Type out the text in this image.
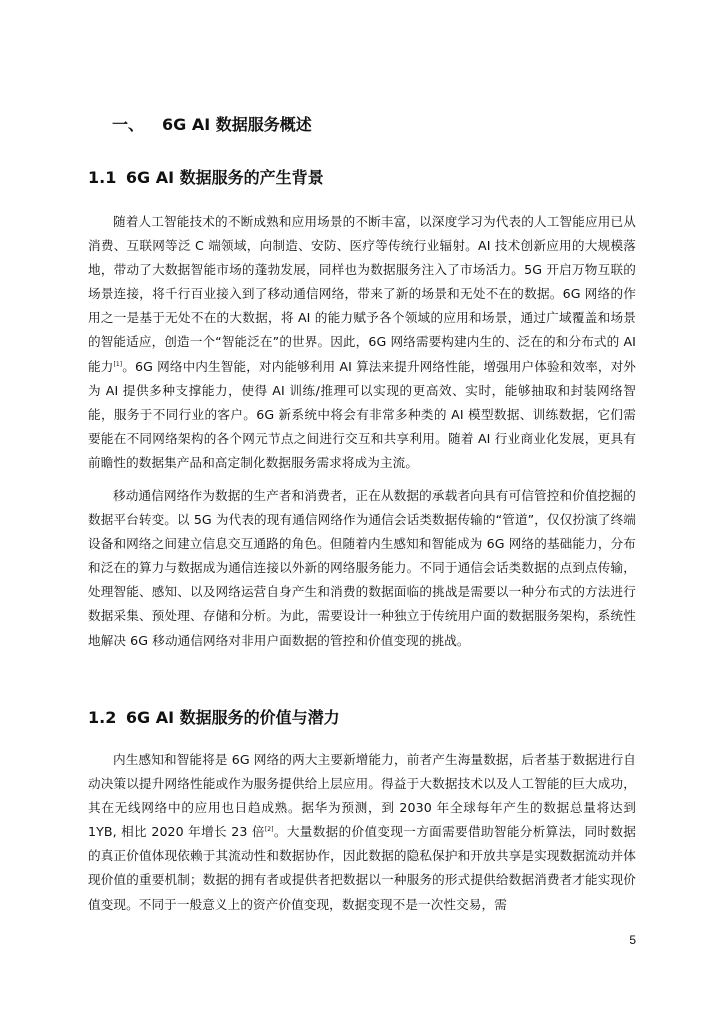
一、 6G AI 数据服务概述
1.1 6G AI 数据服务的产生背景

随着人工智能技术的不断成熟和应用场景的不断丰富，以深度学习为代表的人工智能应用已从消费、互联网等泛 C 端领域，向制造、安防、医疗等传统行业辐射。AI 技术创新应用的大规模落地，带动了大数据智能市场的蓬勃发展，同样也为数据服务注入了市场活力。5G 开启万物互联的场景连接，将千行百业接入到了移动通信网络，带来了新的场景和无处不在的数据。6G 网络的作用之一是基于无处不在的大数据，将 AI 的能力赋予各个领域的应用和场景，通过广域覆盖和场景的智能适应，创造一个“智能泛在”的世界。因此，6G 网络需要构建内生的、泛在的和分布式的 AI 能力[1]。6G 网络中内生智能，对内能够利用 AI 算法来提升网络性能，增强用户体验和效率，对外为 AI 提供多种支撑能力，使得 AI 训练/推理可以实现的更高效、实时，能够抽取和封装网络智能，服务于不同行业的客户。6G 新系统中将会有非常多种类的 AI 模型数据、训练数据，它们需要能在不同网络架构的各个网元节点之间进行交互和共享利用。随着 AI 行业商业化发展，更具有前瞻性的数据集产品和高定制化数据服务需求将成为主流。

移动通信网络作为数据的生产者和消费者，正在从数据的承载者向具有可信管控和价值挖掘的数据平台转变。以 5G 为代表的现有通信网络作为通信会话类数据传输的“管道”，仅仅扮演了终端设备和网络之间建立信息交互通路的角色。但随着内生感知和智能成为 6G 网络的基础能力，分布和泛在的算力与数据成为通信连接以外新的网络服务能力。不同于通信会话类数据的点到点传输，处理智能、感知、以及网络运营自身产生和消费的数据面临的挑战是需要以一种分布式的方法进行数据采集、预处理、存储和分析。为此，需要设计一种独立于传统用户面的数据服务架构，系统性地解决 6G 移动通信网络对非用户面数据的管控和价值变现的挑战。

1.2 6G AI 数据服务的价值与潜力

内生感知和智能将是 6G 网络的两大主要新增能力，前者产生海量数据，后者基于数据进行自动决策以提升网络性能或作为服务提供给上层应用。得益于大数据技术以及人工智能的巨大成功，其在无线网络中的应用也日趋成熟。据华为预测，到 2030 年全球每年产生的数据总量将达到 1YB, 相比 2020 年增长 23 倍[2]。大量数据的价值变现一方面需要借助智能分析算法，同时数据的真正价值体现依赖于其流动性和数据协作，因此数据的隐私保护和开放共享是实现数据流动并体现价值的重要机制；数据的拥有者或提供者把数据以一种服务的形式提供给数据消费者才能实现价值变现。不同于一般意义上的资产价值变现，数据变现不是一次性交易，需

5
